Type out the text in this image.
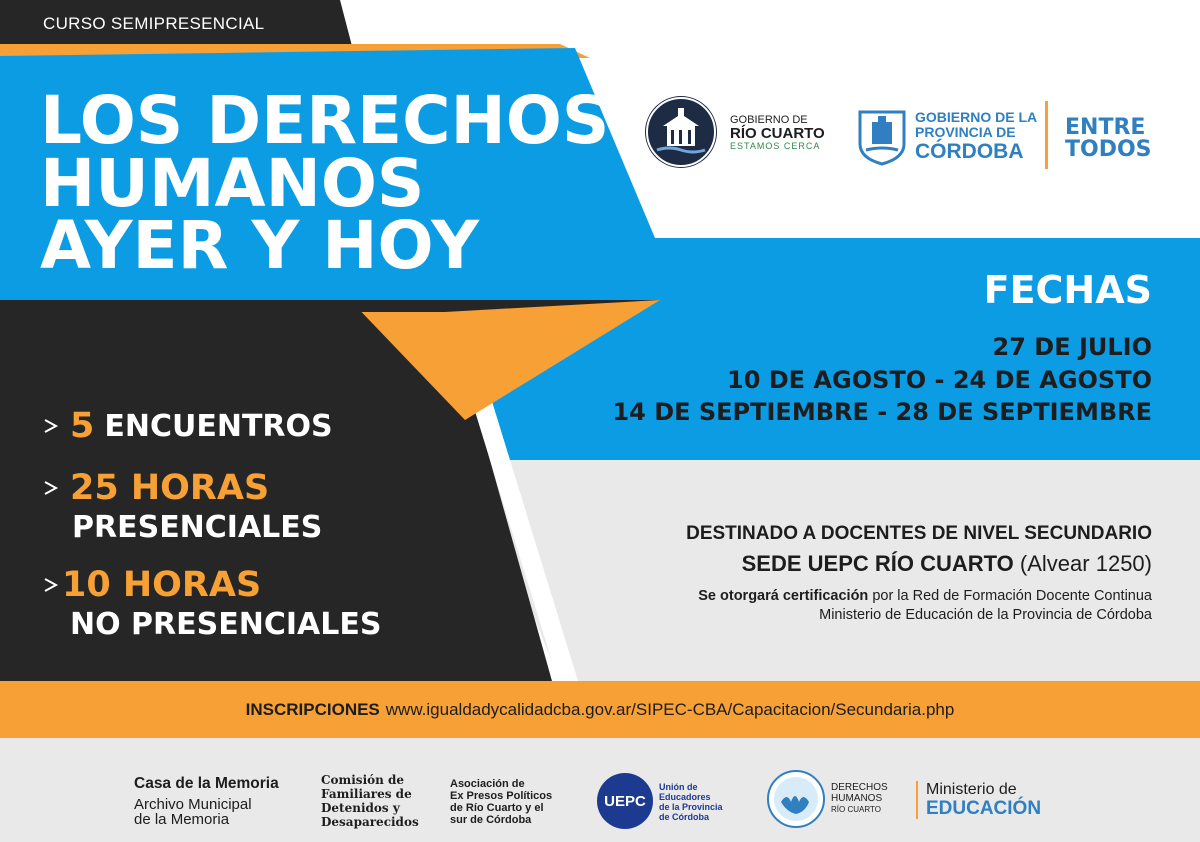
CURSO SEMIPRESENCIAL
LOS DERECHOS
HUMANOS
AYER Y HOY
GOBIERNO DE
RÍO CUARTO
ESTAMOS CERCA
GOBIERNO DE LA
PROVINCIA DE
CÓRDOBA
ENTRE
TODOS
5 ENCUENTROS
25 HORAS
PRESENCIALES
10 HORAS
NO PRESENCIALES
FECHAS
27 DE JULIO
10 DE AGOSTO - 24 DE AGOSTO
14 DE SEPTIEMBRE - 28 DE SEPTIEMBRE
DESTINADO A DOCENTES DE NIVEL SECUNDARIO
SEDE UEPC RÍO CUARTO (Alvear 1250)
Se otorgará certificación por la Red de Formación Docente Continua
Ministerio de Educación de la Provincia de Córdoba
INSCRIPCIONES www.igualdadycalidadcba.gov.ar/SIPEC-CBA/Capacitacion/Secundaria.php
Casa de la Memoria
Archivo Municipal
de la Memoria
Comisión de
Familiares de
Detenidos y
Desaparecidos
Asociación de
Ex Presos Políticos
de Río Cuarto y el
sur de Córdoba
UEPC
Unión de
Educadores
de la Provincia
de Córdoba
DERECHOS
HUMANOS
RÍO CUARTO
Ministerio de
EDUCACIÓN
